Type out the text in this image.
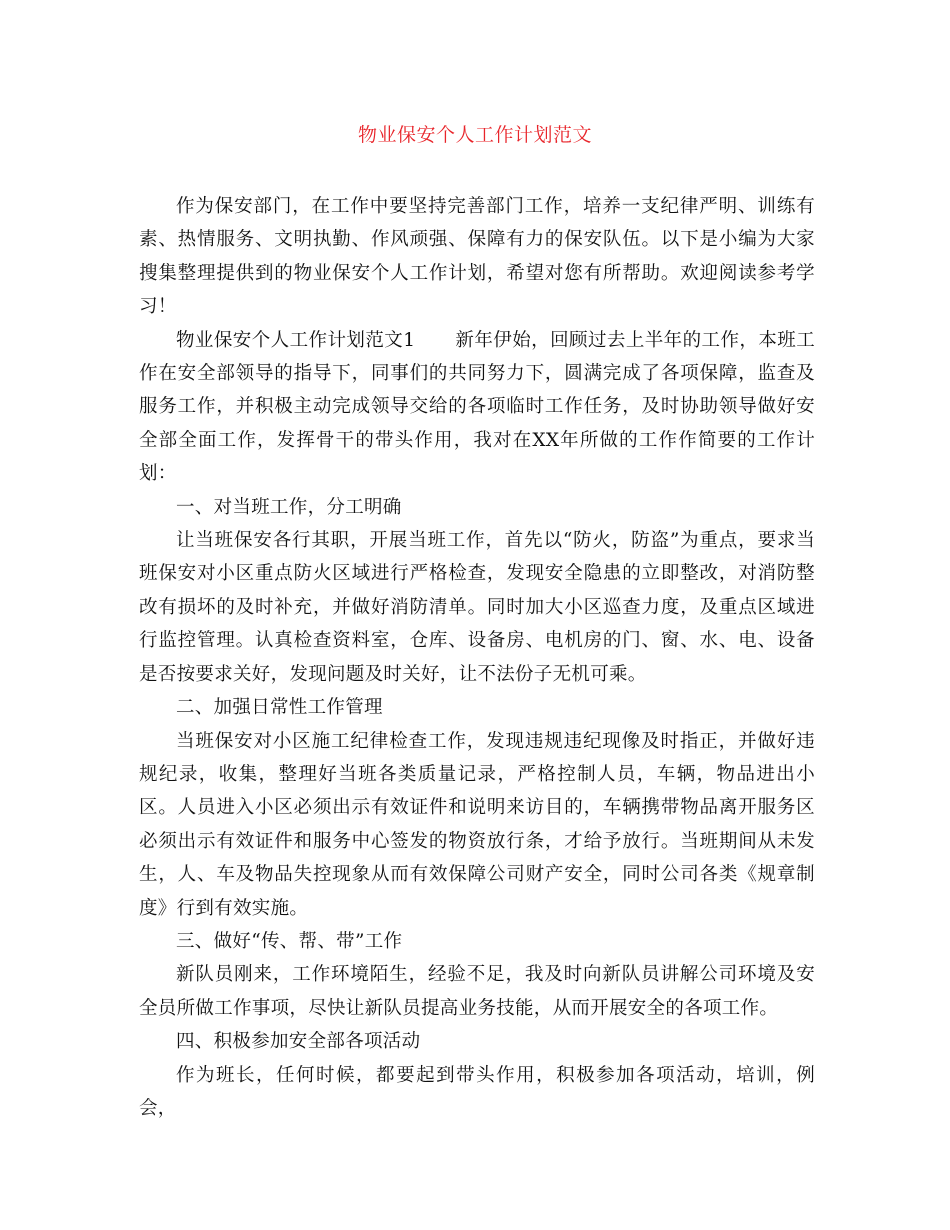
物业保安个人工作计划范文

作为保安部门，在工作中要坚持完善部门工作，培养一支纪律严明、训练有素、热情服务、文明执勤、作风顽强、保障有力的保安队伍。以下是小编为大家搜集整理提供到的物业保安个人工作计划，希望对您有所帮助。欢迎阅读参考学习！

物业保安个人工作计划范文1 新年伊始，回顾过去上半年的工作，本班工作在安全部领导的指导下，同事们的共同努力下，圆满完成了各项保障，监查及服务工作，并积极主动完成领导交给的各项临时工作任务，及时协助领导做好安全部全面工作，发挥骨干的带头作用，我对在XX年所做的工作作简要的工作计划：

一、对当班工作，分工明确

让当班保安各行其职，开展当班工作，首先以“防火，防盗”为重点，要求当班保安对小区重点防火区域进行严格检查，发现安全隐患的立即整改，对消防整改有损坏的及时补充，并做好消防清单。同时加大小区巡查力度，及重点区域进行监控管理。认真检查资料室，仓库、设备房、电机房的门、窗、水、电、设备是否按要求关好，发现问题及时关好，让不法份子无机可乘。

二、加强日常性工作管理

当班保安对小区施工纪律检查工作，发现违规违纪现像及时指正，并做好违规纪录，收集，整理好当班各类质量记录，严格控制人员，车辆，物品进出小区。人员进入小区必须出示有效证件和说明来访目的，车辆携带物品离开服务区必须出示有效证件和服务中心签发的物资放行条，才给予放行。当班期间从未发生，人、车及物品失控现象从而有效保障公司财产安全，同时公司各类《规章制度》行到有效实施。

三、做好“传、帮、带”工作

新队员刚来，工作环境陌生，经验不足，我及时向新队员讲解公司环境及安全员所做工作事项，尽快让新队员提高业务技能，从而开展安全的各项工作。

四、积极参加安全部各项活动

作为班长，任何时候，都要起到带头作用，积极参加各项活动，培训，例会，
